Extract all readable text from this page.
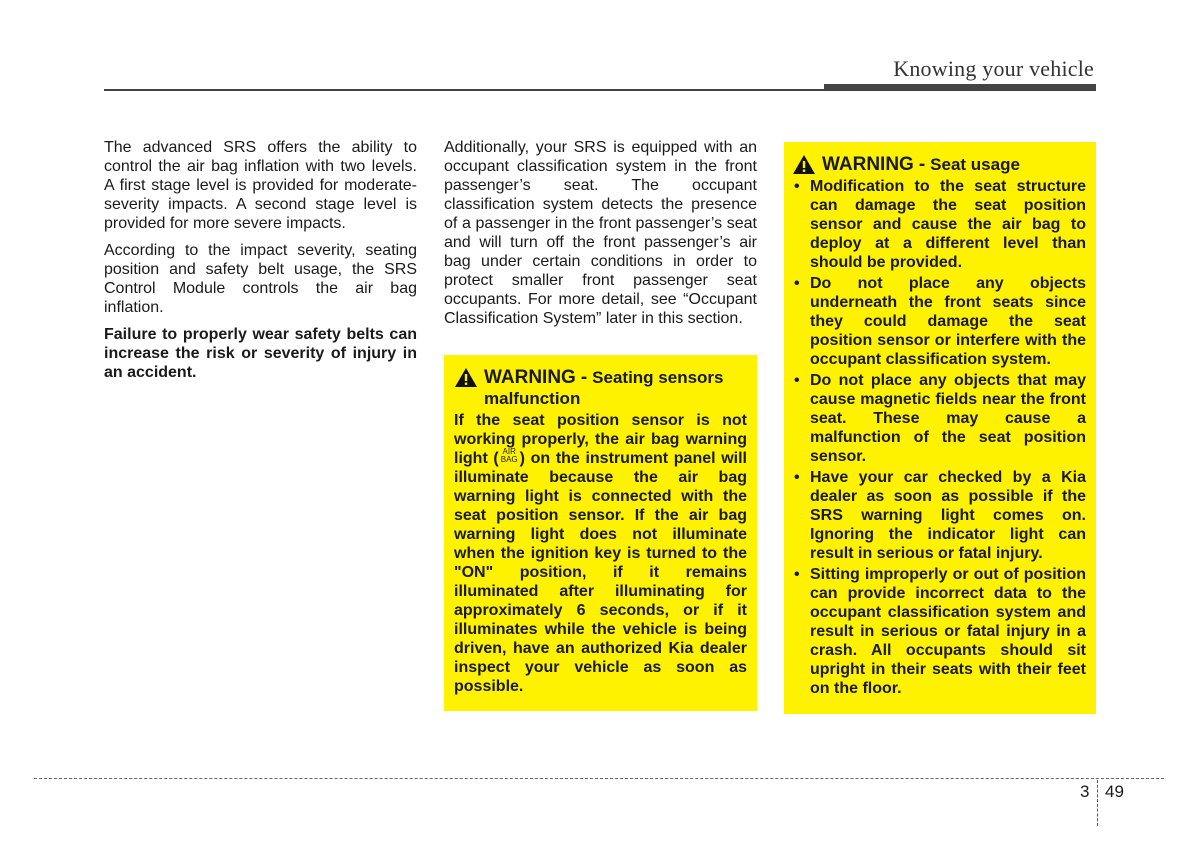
Knowing your vehicle

The advanced SRS offers the ability to control the air bag inflation with two levels. A first stage level is provided for moderate-severity impacts. A second stage level is provided for more severe impacts.

According to the impact severity, seating position and safety belt usage, the SRS Control Module controls the air bag inflation.

Failure to properly wear safety belts can increase the risk or severity of injury in an accident.

Additionally, your SRS is equipped with an occupant classification system in the front passenger’s seat. The occupant classification system detects the presence of a passenger in the front passenger’s seat and will turn off the front passenger’s air bag under certain conditions in order to protect smaller front passenger seat occupants. For more detail, see “Occupant Classification System” later in this section.

WARNING - Seating sensors malfunction
If the seat position sensor is not working properly, the air bag warning light ( AIR
BAG ) on the instrument panel will illuminate because the air bag warning light is connected with the seat position sensor. If the air bag warning light does not illuminate when the ignition key is turned to the "ON" position, if it remains illuminated after illuminating for approximately 6 seconds, or if it illuminates while the vehicle is being driven, have an authorized Kia dealer inspect your vehicle as soon as possible.
WARNING - Seat usage
• Modification to the seat structure can damage the seat position sensor and cause the air bag to deploy at a different level than should be provided.
• Do not place any objects underneath the front seats since they could damage the seat position sensor or interfere with the occupant classification system.
• Do not place any objects that may cause magnetic fields near the front seat. These may cause a malfunction of the seat position sensor.
• Have your car checked by a Kia dealer as soon as possible if the SRS warning light comes on. Ignoring the indicator light can result in serious or fatal injury.
• Sitting improperly or out of position can provide incorrect data to the occupant classification system and result in serious or fatal injury in a crash. All occupants should sit upright in their seats with their feet on the floor.
3 49
